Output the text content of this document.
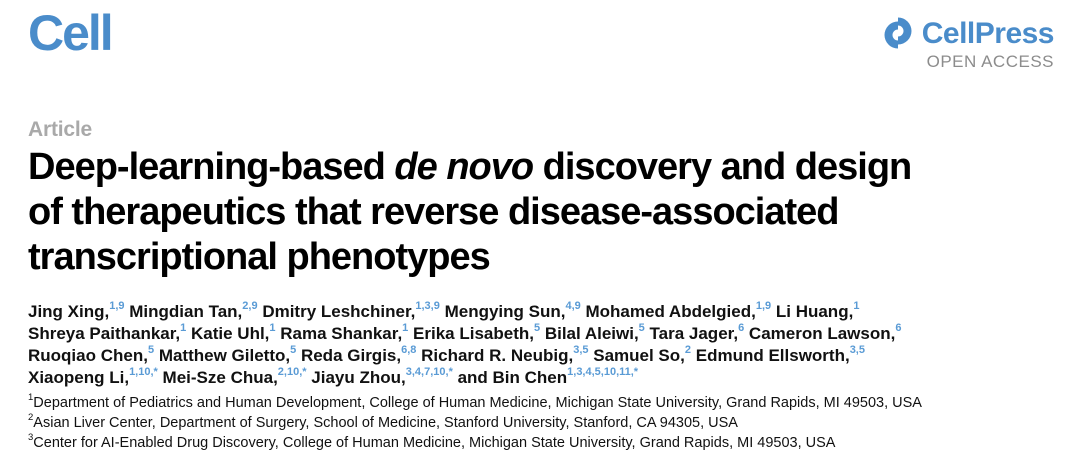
Cell	CellPress
OPEN ACCESS
Article
Deep-learning-based de novo discovery and design
of therapeutics that reverse disease-associated
transcriptional phenotypes
Jing Xing,$^{1,9}$ Mingdian Tan,$^{2,9}$ Dmitry Leshchiner,$^{1,3,9}$ Mengying Sun,$^{4,9}$ Mohamed Abdelgied,$^{1,9}$ Li Huang,$^1$
Shreya Paithankar,$^1$ Katie Uhl,$^1$ Rama Shankar,$^1$ Erika Lisabeth,$^5$ Bilal Aleiwi,$^5$ Tara Jager,$^6$ Cameron Lawson,$^6$
Ruoqiao Chen,$^5$ Matthew Giletto,$^5$ Reda Girgis,$^{6,8}$ Richard R. Neubig,$^{3,5}$ Samuel So,$^2$ Edmund Ellsworth,$^{3,5}$
Xiaopeng Li,$^{1,10,*}$ Mei-Sze Chua,$^{2,10,*}$ Jiayu Zhou,$^{3,4,7,10,*}$ and Bin Chen$^{1,3,4,5,10,11,*}$
$^1$Department of Pediatrics and Human Development, College of Human Medicine, Michigan State University, Grand Rapids, MI 49503, USA
$^2$Asian Liver Center, Department of Surgery, School of Medicine, Stanford University, Stanford, CA 94305, USA
$^3$Center for AI-Enabled Drug Discovery, College of Human Medicine, Michigan State University, Grand Rapids, MI 49503, USA
